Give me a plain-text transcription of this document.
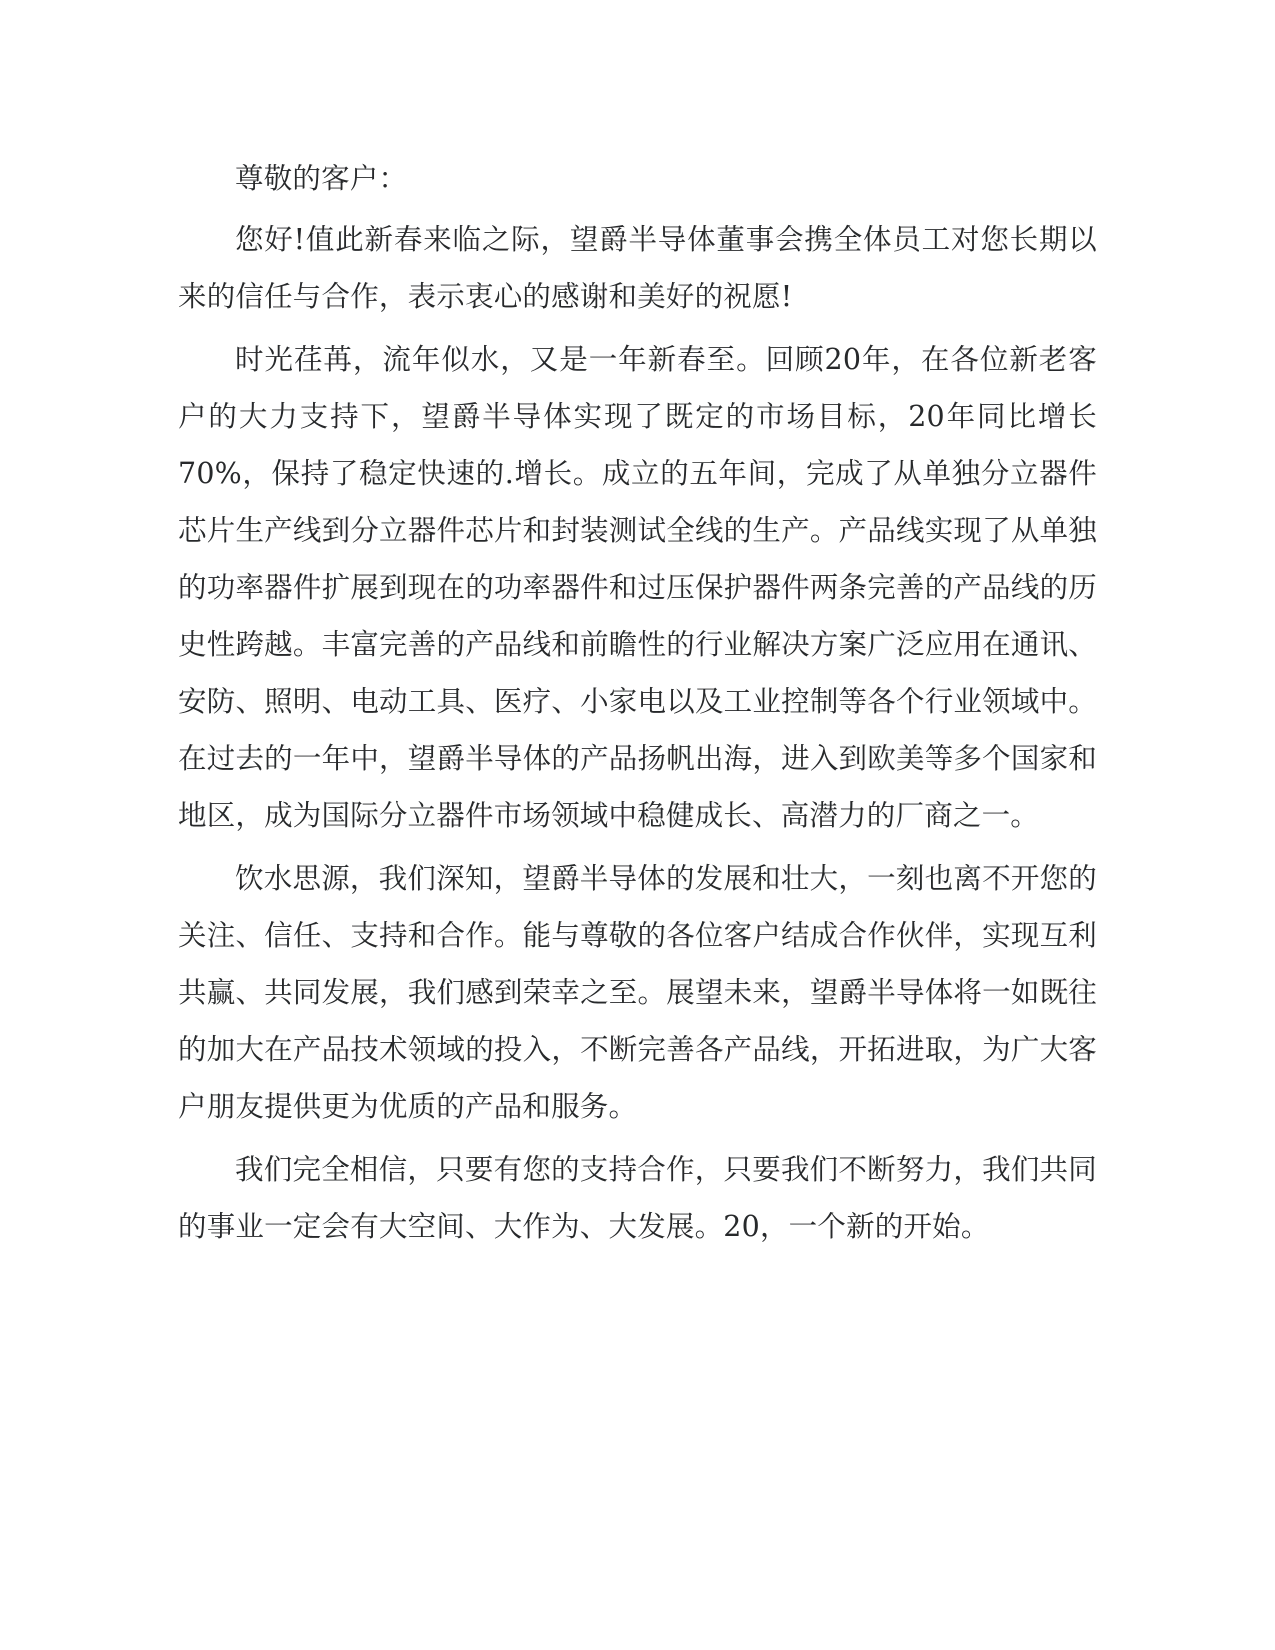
尊敬的客户：

您好!值此新春来临之际，望爵半导体董事会携全体员工对您长期以来的信任与合作，表示衷心的感谢和美好的祝愿!

时光荏苒，流年似水，又是一年新春至。回顾20年，在各位新老客户的大力支持下，望爵半导体实现了既定的市场目标，20年同比增长70%，保持了稳定快速的.增长。成立的五年间，完成了从单独分立器件芯片生产线到分立器件芯片和封装测试全线的生产。产品线实现了从单独的功率器件扩展到现在的功率器件和过压保护器件两条完善的产品线的历史性跨越。丰富完善的产品线和前瞻性的行业解决方案广泛应用在通讯、安防、照明、电动工具、医疗、小家电以及工业控制等各个行业领域中。在过去的一年中，望爵半导体的产品扬帆出海，进入到欧美等多个国家和地区，成为国际分立器件市场领域中稳健成长、高潜力的厂商之一。

饮水思源，我们深知，望爵半导体的发展和壮大，一刻也离不开您的关注、信任、支持和合作。能与尊敬的各位客户结成合作伙伴，实现互利共赢、共同发展，我们感到荣幸之至。展望未来，望爵半导体将一如既往的加大在产品技术领域的投入，不断完善各产品线，开拓进取，为广大客户朋友提供更为优质的产品和服务。

我们完全相信，只要有您的支持合作，只要我们不断努力，我们共同的事业一定会有大空间、大作为、大发展。20，一个新的开始。
